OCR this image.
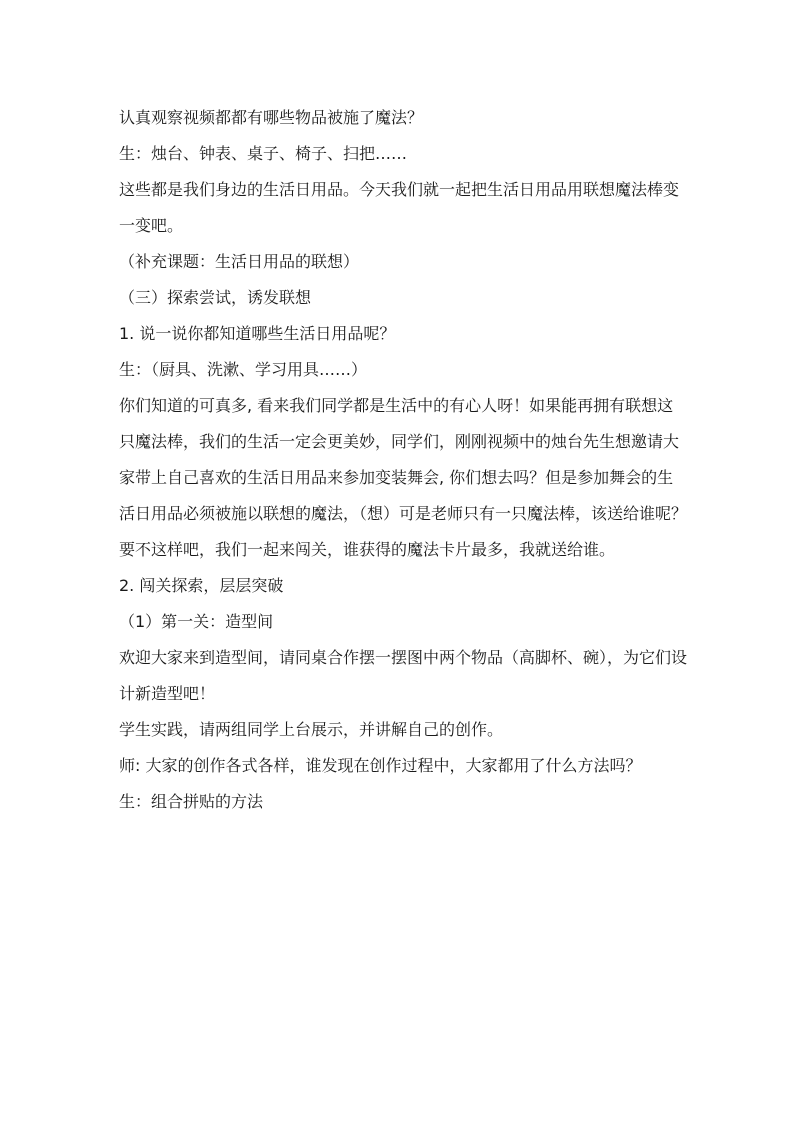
认真观察视频都都有哪些物品被施了魔法？

生：烛台、钟表、桌子、椅子、扫把……

这些都是我们身边的生活日用品。今天我们就一起把生活日用品用联想魔法棒变一变吧。

（补充课题：生活日用品的联想）

（三）探索尝试，诱发联想

1. 说一说你都知道哪些生活日用品呢？

生：（厨具、洗漱、学习用具……）

你们知道的可真多, 看来我们同学都是生活中的有心人呀！如果能再拥有联想这只魔法棒，我们的生活一定会更美妙，同学们，刚刚视频中的烛台先生想邀请大家带上自己喜欢的生活日用品来参加变装舞会, 你们想去吗？但是参加舞会的生活日用品必须被施以联想的魔法，（想）可是老师只有一只魔法棒，该送给谁呢？要不这样吧，我们一起来闯关，谁获得的魔法卡片最多，我就送给谁。

2. 闯关探索，层层突破

（1）第一关：造型间

欢迎大家来到造型间，请同桌合作摆一摆图中两个物品（高脚杯、碗），为它们设计新造型吧！

学生实践，请两组同学上台展示，并讲解自己的创作。

师: 大家的创作各式各样，谁发现在创作过程中，大家都用了什么方法吗？

生：组合拼贴的方法
